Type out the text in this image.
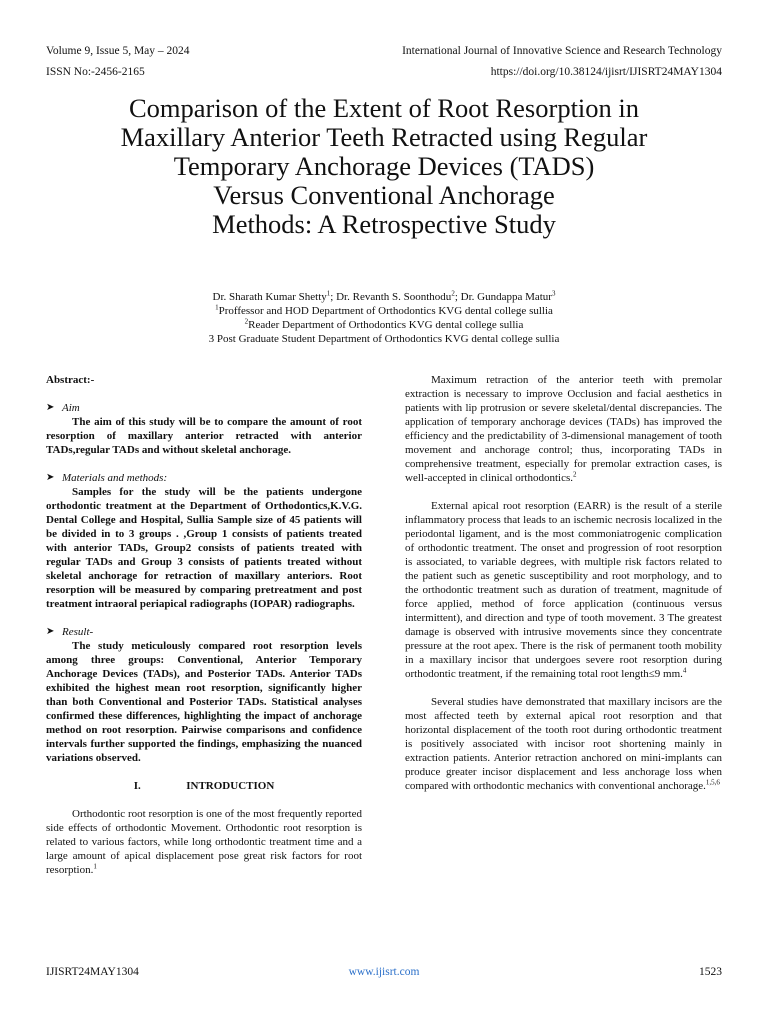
Volume 9, Issue 5, May – 2024	International Journal of Innovative Science and Research Technology
ISSN No:-2456-2165	https://doi.org/10.38124/ijisrt/IJISRT24MAY1304
Comparison of the Extent of Root Resorption in
Maxillary Anterior Teeth Retracted using Regular
Temporary Anchorage Devices (TADS)
Versus Conventional Anchorage
Methods: A Retrospective Study
Dr. Sharath Kumar Shetty$^1$; Dr. Revanth S. Soonthodu$^2$; Dr. Gundappa Matur$^3$
$^1$Proffessor and HOD Department of Orthodontics KVG dental college sullia
$^2$Reader Department of Orthodontics KVG dental college sullia
3 Post Graduate Student Department of Orthodontics KVG dental college sullia

Abstract:-

➤ Aim

The aim of this study will be to compare the amount of root resorption of maxillary anterior retracted with anterior TADs,regular TADs and without skeletal anchorage.

➤ Materials and methods:

Samples for the study will be the patients undergone orthodontic treatment at the Department of Orthodontics,K.V.G. Dental College and Hospital, Sullia Sample size of 45 patients will be divided in to 3 groups . ,Group 1 consists of patients treated with anterior TADs, Group2 consists of patients treated with regular TADs and Group 3 consists of patients treated without skeletal anchorage for retraction of maxillary anteriors. Root resorption will be measured by comparing pretreatment and post treatment intraoral periapical radiographs (IOPAR) radiographs.

➤ Result-

The study meticulously compared root resorption levels among three groups: Conventional, Anterior Temporary Anchorage Devices (TADs), and Posterior TADs. Anterior TADs exhibited the highest mean root resorption, significantly higher than both Conventional and Posterior TADs. Statistical analyses confirmed these differences, highlighting the impact of anchorage method on root resorption. Pairwise comparisons and confidence intervals further supported the findings, emphasizing the nuanced variations observed.

I.	INTRODUCTION

Orthodontic root resorption is one of the most frequently reported side effects of orthodontic Movement. Orthodontic root resorption is related to various factors, while long orthodontic treatment time and a large amount of apical displacement pose great risk factors for root resorption.$^1$

Maximum retraction of the anterior teeth with premolar extraction is necessary to improve Occlusion and facial aesthetics in patients with lip protrusion or severe skeletal/dental discrepancies. The application of temporary anchorage devices (TADs) has improved the efficiency and the predictability of 3-dimensional management of tooth movement and anchorage control; thus, incorporating TADs in comprehensive treatment, especially for premolar extraction cases, is well-accepted in clinical orthodontics.$^2$

External apical root resorption (EARR) is the result of a sterile inflammatory process that leads to an ischemic necrosis localized in the periodontal ligament, and is the most commoniatrogenic complication of orthodontic treatment. The onset and progression of root resorption is associated, to variable degrees, with multiple risk factors related to the patient such as genetic susceptibility and root morphology, and to the orthodontic treatment such as duration of treatment, magnitude of force applied, method of force application (continuous versus intermittent), and direction and type of tooth movement. 3 The greatest damage is observed with intrusive movements since they concentrate pressure at the root apex. There is the risk of permanent tooth mobility in a maxillary incisor that undergoes severe root resorption during orthodontic treatment, if the remaining total root length≤9 mm.$^4$

Several studies have demonstrated that maxillary incisors are the most affected teeth by external apical root resorption and that horizontal displacement of the tooth root during orthodontic treatment is positively associated with incisor root shortening mainly in extraction patients. Anterior retraction anchored on mini-implants can produce greater incisor displacement and less anchorage loss when compared with orthodontic mechanics with conventional anchorage.$^{1,5,6}$

IJISRT24MAY1304	www.ijisrt.com	1523
